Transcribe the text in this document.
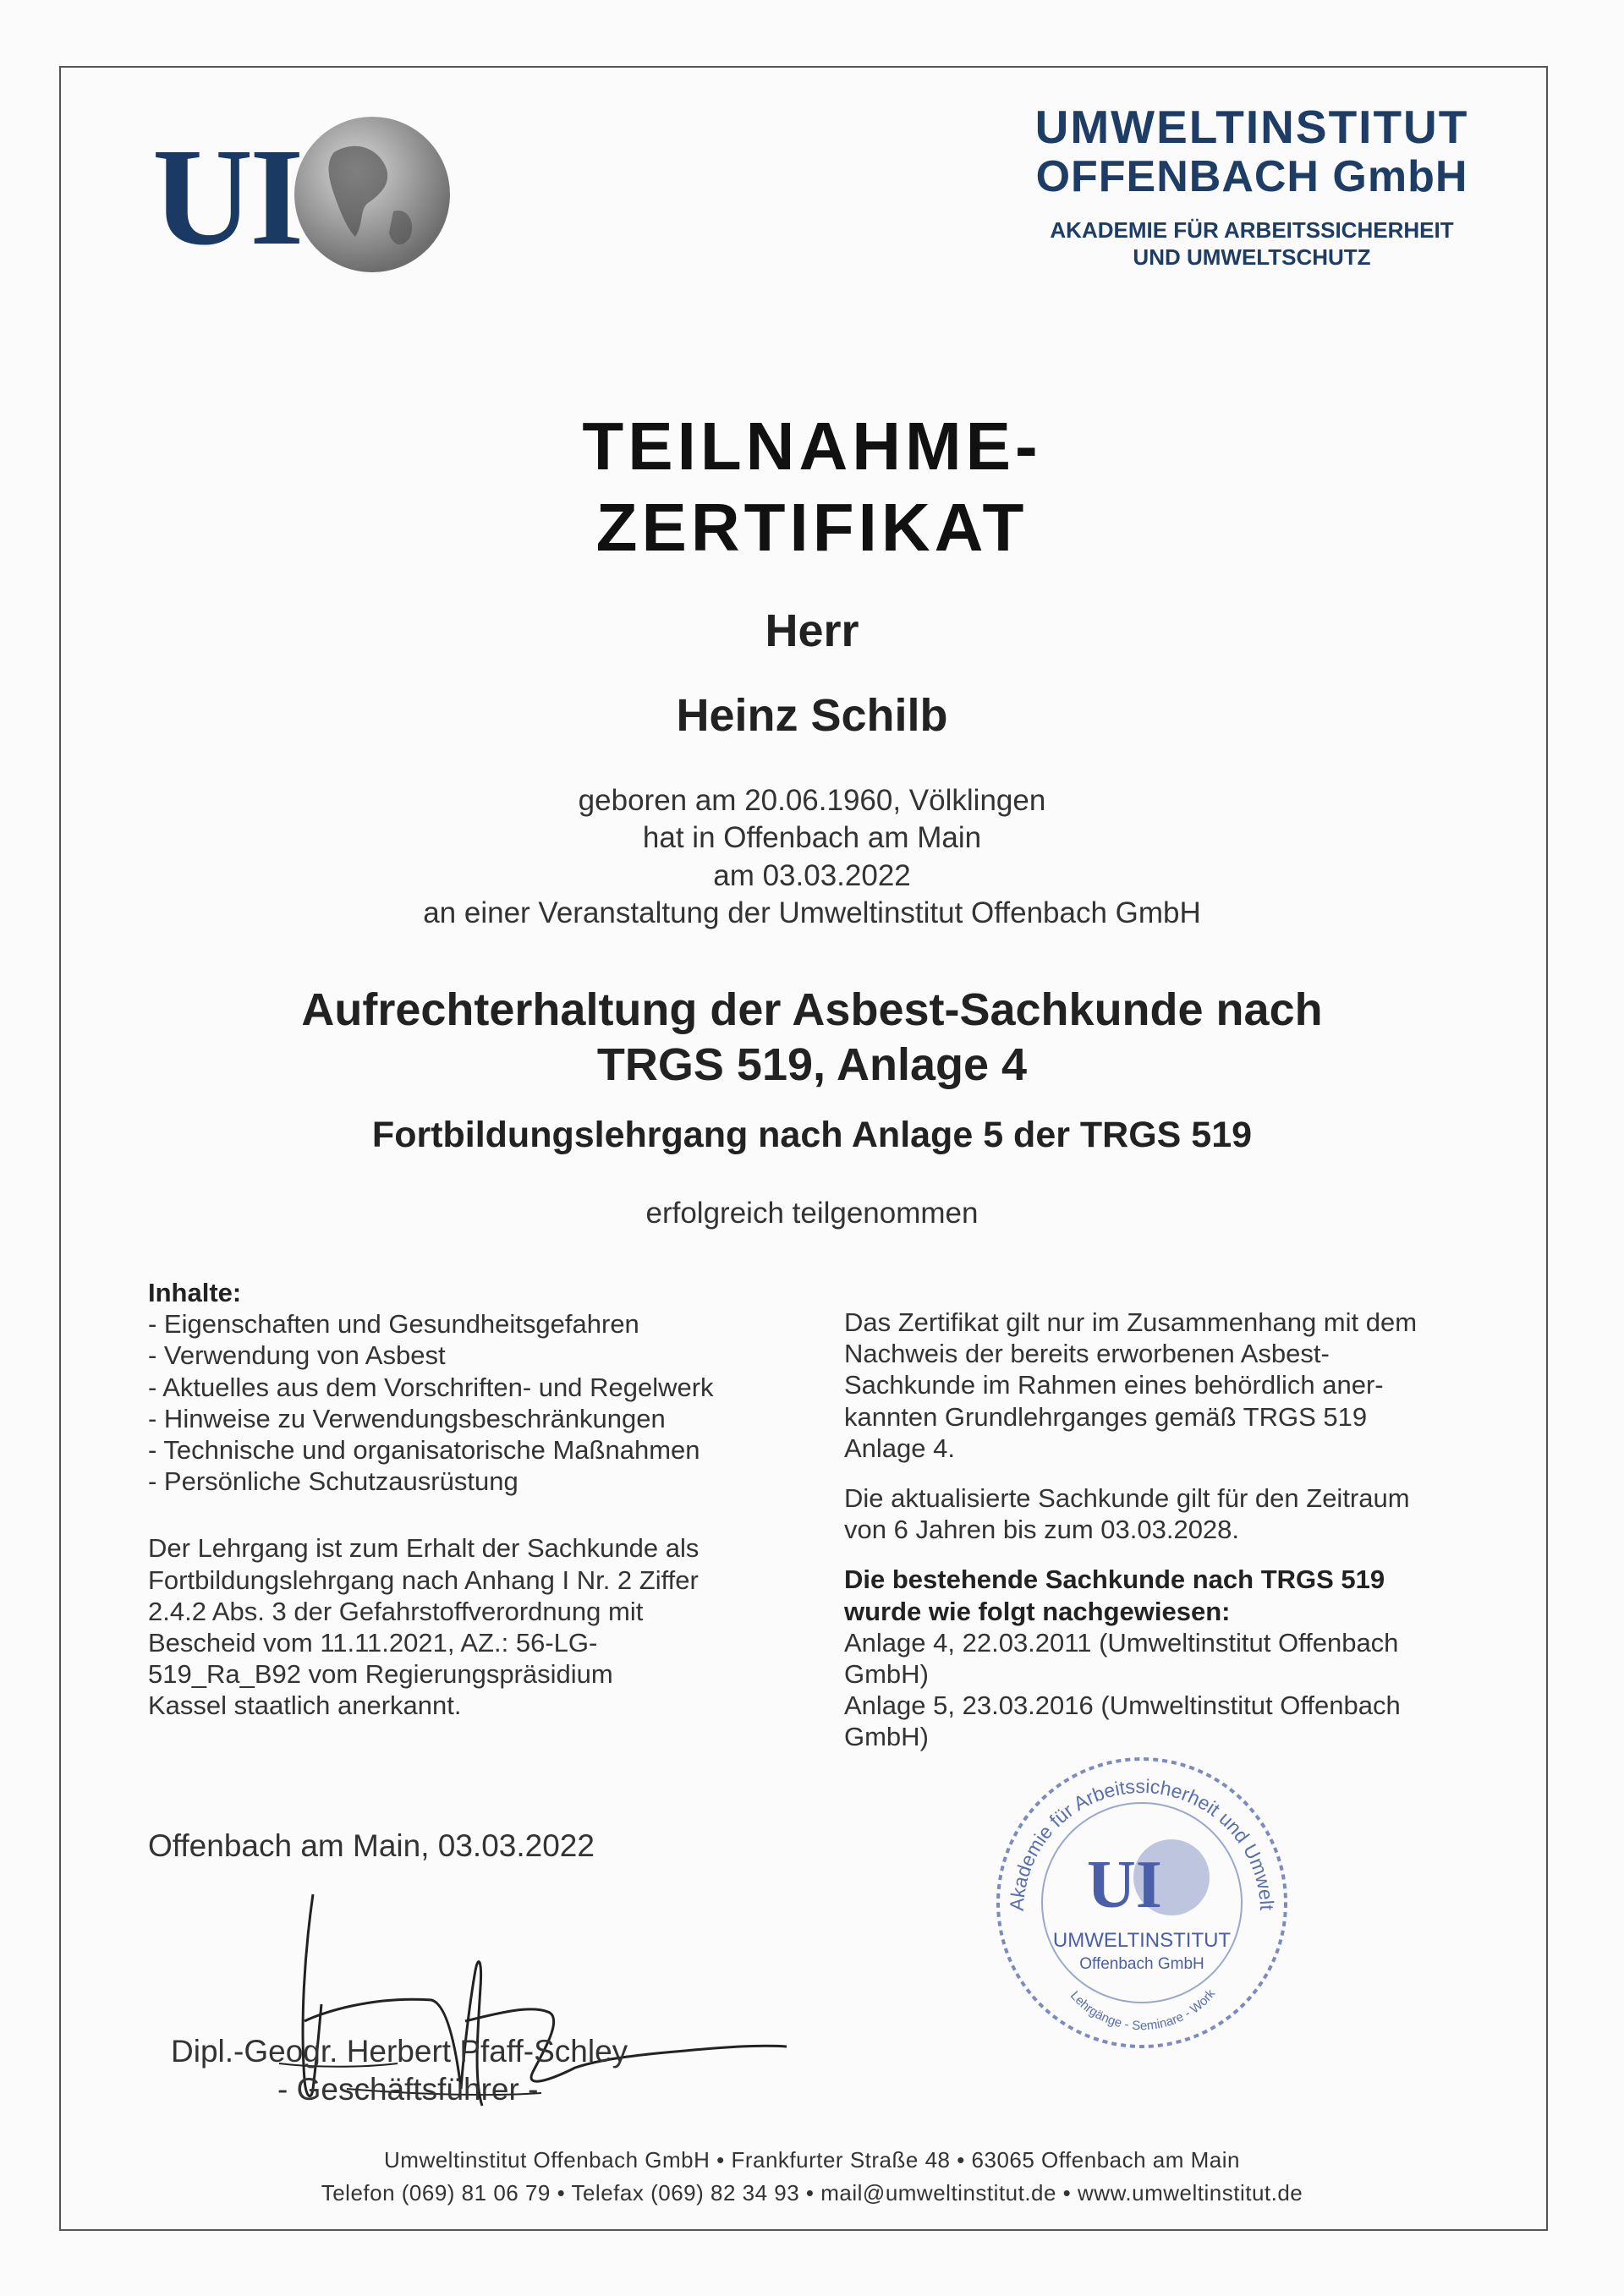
UI	UMWELTINSTITUT
OFFENBACH GmbH
AKADEMIE FÜR ARBEITSSICHERHEIT
UND UMWELTSCHUTZ
TEILNAHME-
ZERTIFIKAT
Herr
Heinz Schilb
geboren am 20.06.1960, Völklingen
hat in Offenbach am Main
am 03.03.2022
an einer Veranstaltung der Umweltinstitut Offenbach GmbH
Aufrechterhaltung der Asbest-Sachkunde nach
TRGS 519, Anlage 4
Fortbildungslehrgang nach Anlage 5 der TRGS 519
erfolgreich teilgenommen
Inhalte:
- Eigenschaften und Gesundheitsgefahren
- Verwendung von Asbest
- Aktuelles aus dem Vorschriften- und Regelwerk
- Hinweise zu Verwendungsbeschränkungen
- Technische und organisatorische Maßnahmen
- Persönliche Schutzausrüstung
Der Lehrgang ist zum Erhalt der Sachkunde als
Fortbildungslehrgang nach Anhang I Nr. 2 Ziffer
2.4.2 Abs. 3 der Gefahrstoffverordnung mit
Bescheid vom 11.11.2021, AZ.: 56-LG-
519_Ra_B92 vom Regierungspräsidium
Kassel staatlich anerkannt.

Das Zertifikat gilt nur im Zusammenhang mit dem
Nachweis der bereits erworbenen Asbest-
Sachkunde im Rahmen eines behördlich aner-
kannten Grundlehrganges gemäß TRGS 519
Anlage 4.

Die aktualisierte Sachkunde gilt für den Zeitraum
von 6 Jahren bis zum 03.03.2028.

Die bestehende Sachkunde nach TRGS 519
wurde wie folgt nachgewiesen:
Anlage 4, 22.03.2011 (Umweltinstitut Offenbach
GmbH)
Anlage 5, 23.03.2016 (Umweltinstitut Offenbach
GmbH)

Offenbach am Main, 03.03.2022
Dipl.-Geogr. Herbert Pfaff-Schley
- Geschäftsführer -
Akademie für Arbeitssicherheit und Umwelt
UI
UMWELTINSTITUT
Offenbach GmbH
Lehrgänge - Seminare - Work
Umweltinstitut Offenbach GmbH • Frankfurter Straße 48 • 63065 Offenbach am Main
Telefon (069) 81 06 79 • Telefax (069) 82 34 93 • mail@umweltinstitut.de • www.umweltinstitut.de
